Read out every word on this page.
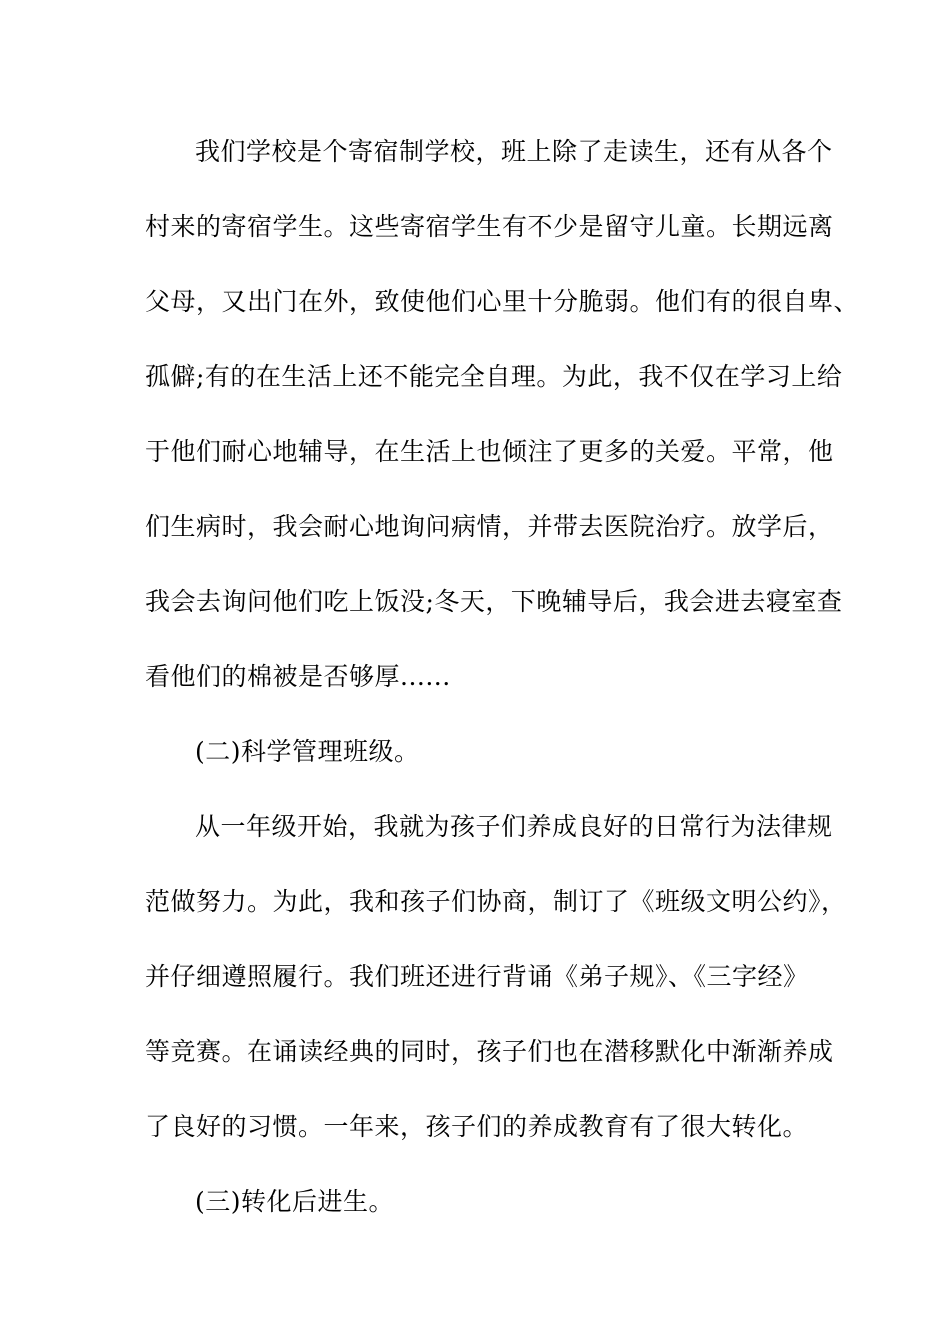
我们学校是个寄宿制学校，班上除了走读生，还有从各个

村来的寄宿学生。这些寄宿学生有不少是留守儿童。长期远离

父母，又出门在外，致使他们心里十分脆弱。他们有的很自卑、

孤僻;有的在生活上还不能完全自理。为此，我不仅在学习上给

于他们耐心地辅导，在生活上也倾注了更多的关爱。平常，他

们生病时，我会耐心地询问病情，并带去医院治疗。放学后，

我会去询问他们吃上饭没;冬天，下晚辅导后，我会进去寝室查

看他们的棉被是否够厚......

(二)科学管理班级。

从一年级开始，我就为孩子们养成良好的日常行为法律规

范做努力。为此，我和孩子们协商，制订了《班级文明公约》，

并仔细遵照履行。我们班还进行背诵《弟子规》、《三字经》

等竞赛。在诵读经典的同时，孩子们也在潜移默化中渐渐养成

了良好的习惯。一年来，孩子们的养成教育有了很大转化。

(三)转化后进生。
